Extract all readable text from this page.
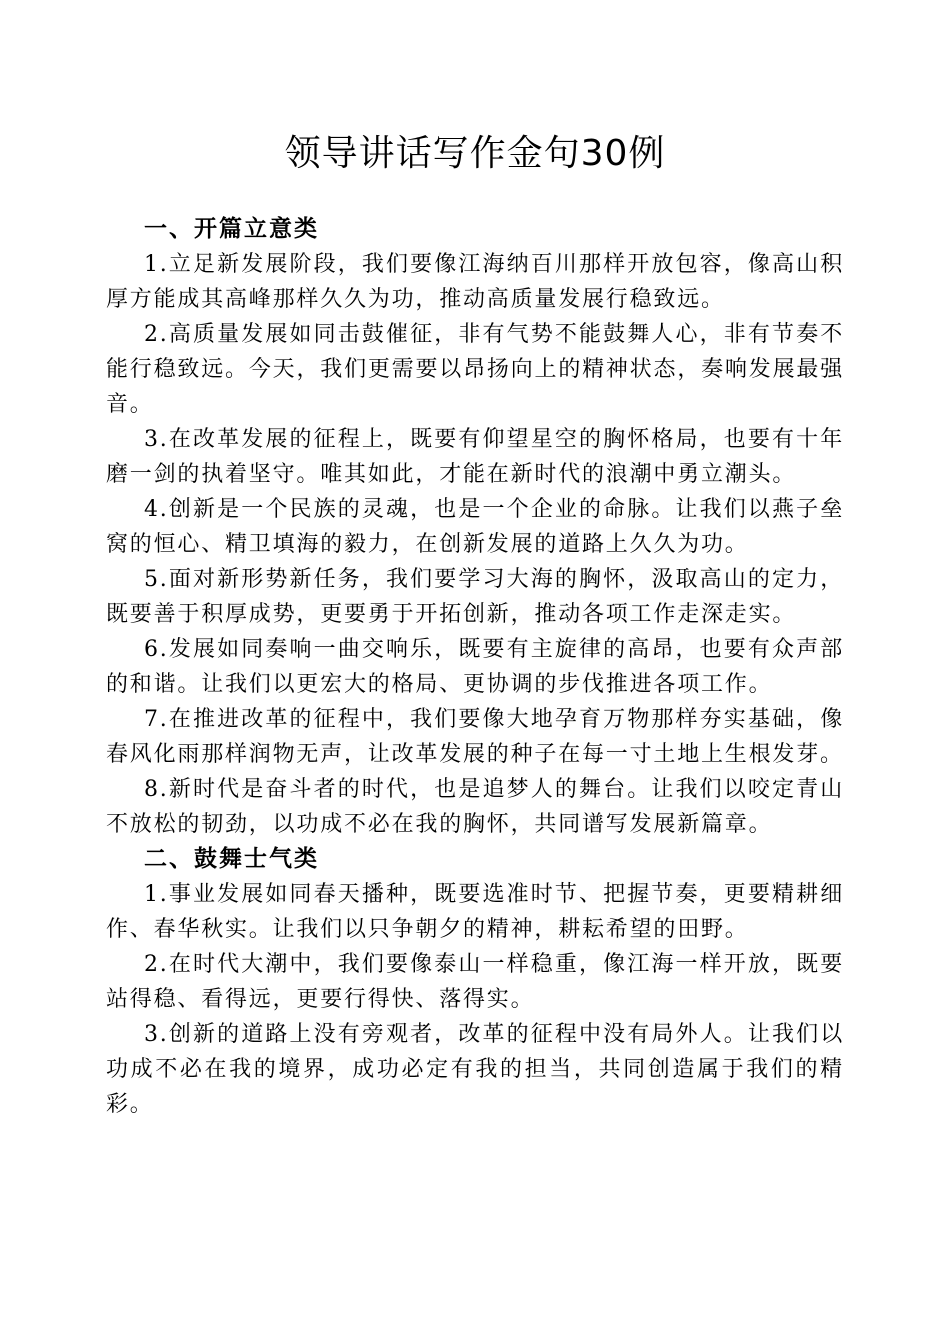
领导讲话写作金句30例
一、开篇立意类

1.立足新发展阶段，我们要像江海纳百川那样开放包容，像高山积厚方能成其高峰那样久久为功，推动高质量发展行稳致远。

2.高质量发展如同击鼓催征，非有气势不能鼓舞人心，非有节奏不能行稳致远。今天，我们更需要以昂扬向上的精神状态，奏响发展最强音。

3.在改革发展的征程上，既要有仰望星空的胸怀格局，也要有十年磨一剑的执着坚守。唯其如此，才能在新时代的浪潮中勇立潮头。

4.创新是一个民族的灵魂，也是一个企业的命脉。让我们以燕子垒窝的恒心、精卫填海的毅力，在创新发展的道路上久久为功。

5.面对新形势新任务，我们要学习大海的胸怀，汲取高山的定力，既要善于积厚成势，更要勇于开拓创新，推动各项工作走深走实。

6.发展如同奏响一曲交响乐，既要有主旋律的高昂，也要有众声部的和谐。让我们以更宏大的格局、更协调的步伐推进各项工作。

7.在推进改革的征程中，我们要像大地孕育万物那样夯实基础，像春风化雨那样润物无声，让改革发展的种子在每一寸土地上生根发芽。

8.新时代是奋斗者的时代，也是追梦人的舞台。让我们以咬定青山不放松的韧劲，以功成不必在我的胸怀，共同谱写发展新篇章。

二、鼓舞士气类

1.事业发展如同春天播种，既要选准时节、把握节奏，更要精耕细作、春华秋实。让我们以只争朝夕的精神，耕耘希望的田野。

2.在时代大潮中，我们要像泰山一样稳重，像江海一样开放，既要站得稳、看得远，更要行得快、落得实。

3.创新的道路上没有旁观者，改革的征程中没有局外人。让我们以功成不必在我的境界，成功必定有我的担当，共同创造属于我们的精彩。
